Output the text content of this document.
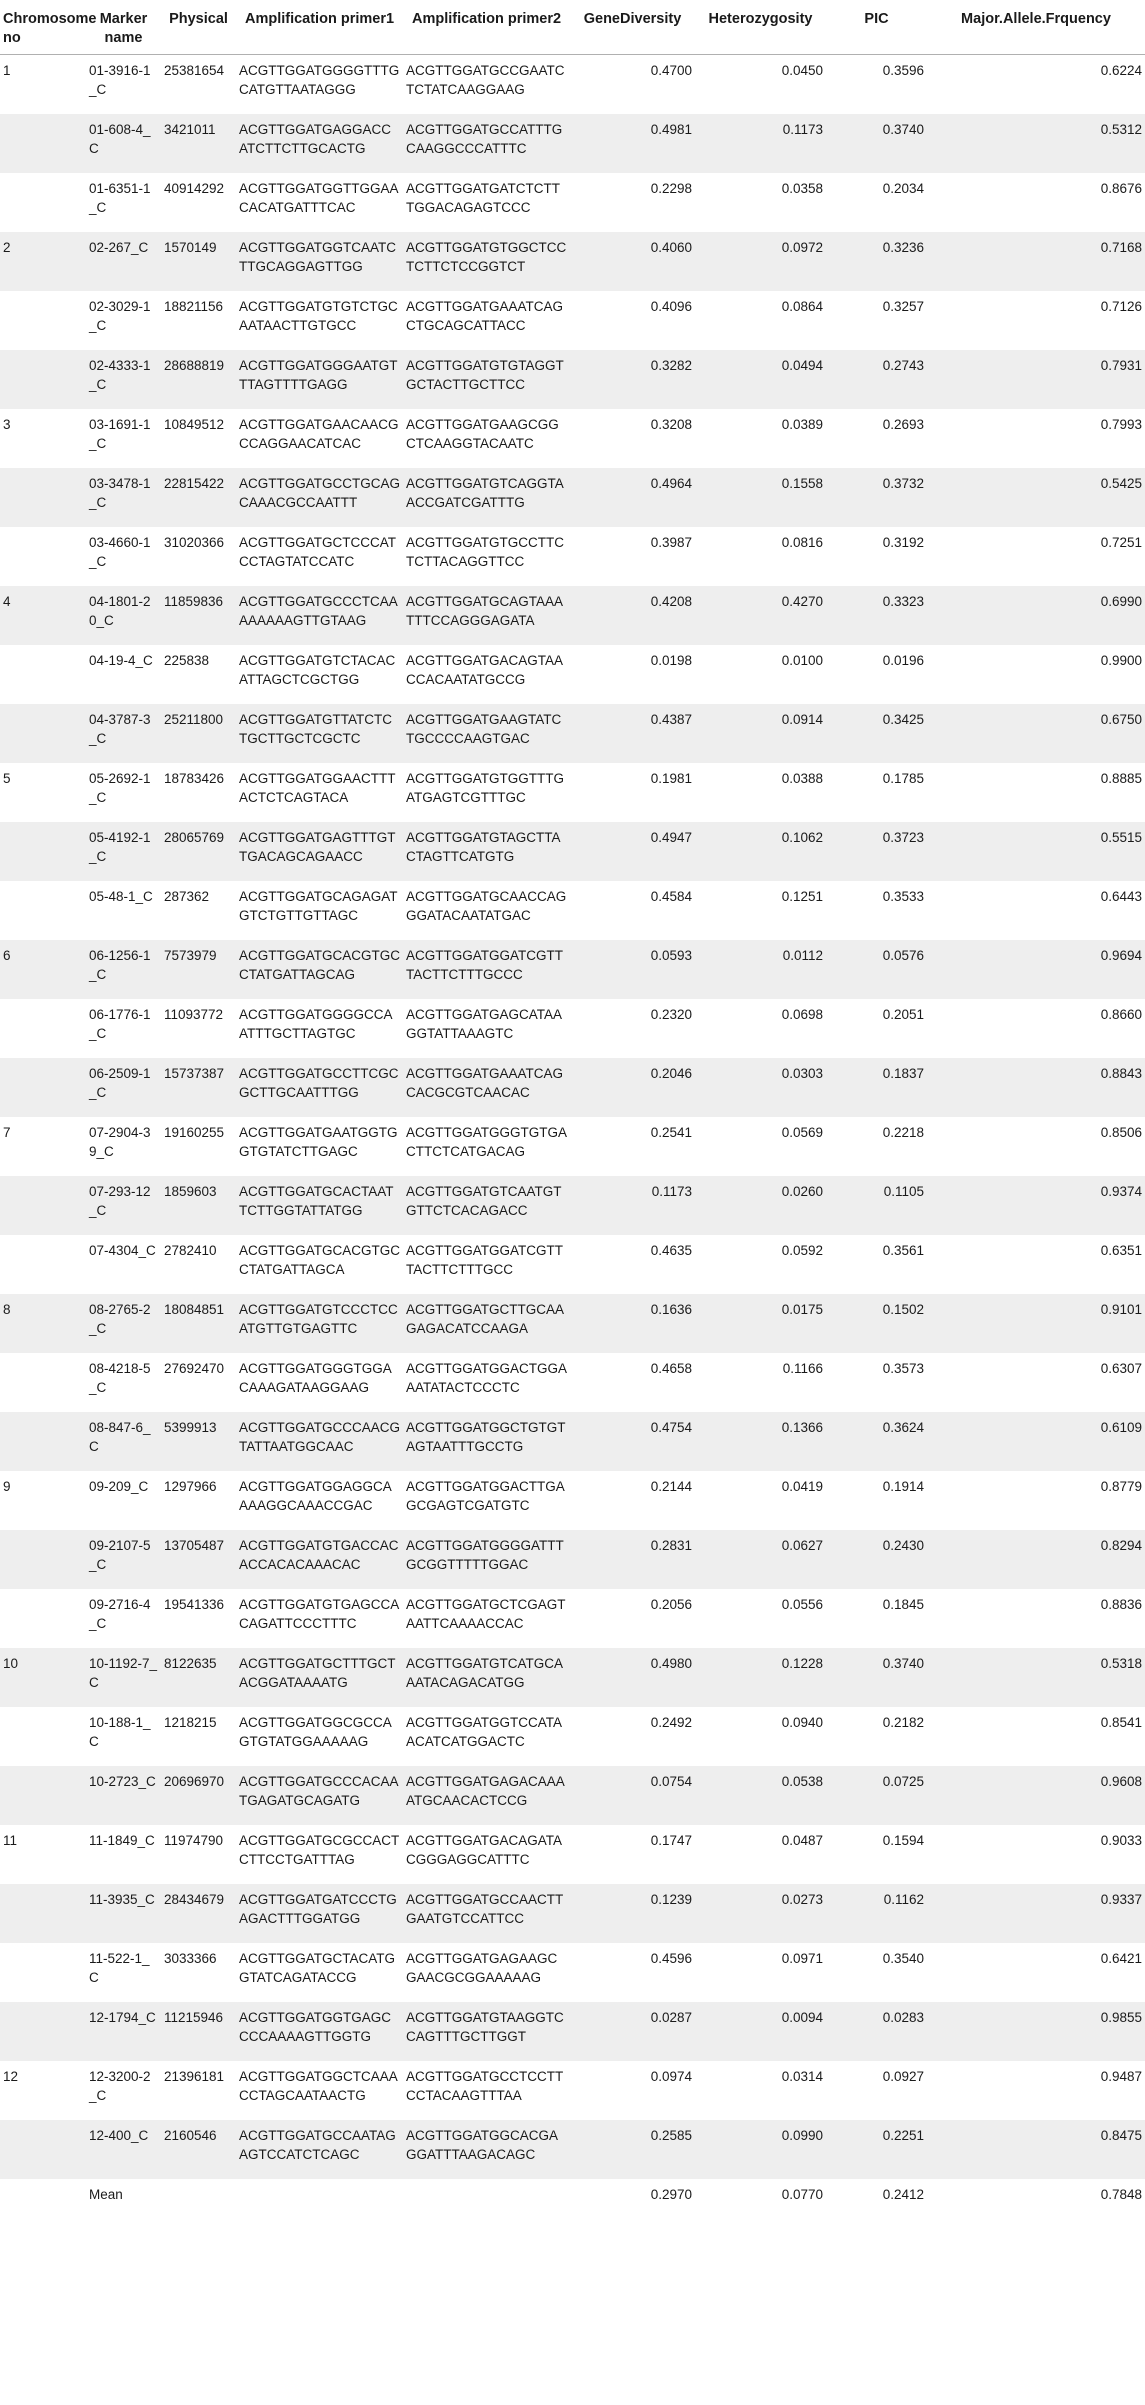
Chromosome no	Marker name	Physical	Amplification primer1	Amplification primer2	GeneDiversity	Heterozygosity	PIC	Major.Allele.Frquency
1	01-3916-1_C	25381654	ACGTTGGATGGGGTTTGCATGTTAATAGGG	ACGTTGGATGCCGAATCTCTATCAAGGAAG	0.4700	0.0450	0.3596	0.6224
	01-608-4_C	3421011	ACGTTGGATGAGGACCATCTTCTTGCACTG	ACGTTGGATGCCATTTGCAAGGCCCATTTC	0.4981	0.1173	0.3740	0.5312
	01-6351-1_C	40914292	ACGTTGGATGGTTGGAACACATGATTTCAC	ACGTTGGATGATCTCTTTGGACAGAGTCCC	0.2298	0.0358	0.2034	0.8676
2	02-267_C	1570149	ACGTTGGATGGTCAATCTTGCAGGAGTTGG	ACGTTGGATGTGGCTCCTCTTCTCCGGTCT	0.4060	0.0972	0.3236	0.7168
	02-3029-1_C	18821156	ACGTTGGATGTGTCTGCAATAACTTGTGCC	ACGTTGGATGAAATCAGCTGCAGCATTACC	0.4096	0.0864	0.3257	0.7126
	02-4333-1_C	28688819	ACGTTGGATGGGAATGTTTAGTTTTGAGG	ACGTTGGATGTGTAGGTGCTACTTGCTTCC	0.3282	0.0494	0.2743	0.7931
3	03-1691-1_C	10849512	ACGTTGGATGAACAACGCCAGGAACATCAC	ACGTTGGATGAAGCGGCTCAAGGTACAATC	0.3208	0.0389	0.2693	0.7993
	03-3478-1_C	22815422	ACGTTGGATGCCTGCAGCAAACGCCAATTT	ACGTTGGATGTCAGGTAACCGATCGATTTG	0.4964	0.1558	0.3732	0.5425
	03-4660-1_C	31020366	ACGTTGGATGCTCCCATCCTAGTATCCATC	ACGTTGGATGTGCCTTCTCTTACAGGTTCC	0.3987	0.0816	0.3192	0.7251
4	04-1801-20_C	11859836	ACGTTGGATGCCCTCAAAAAAAAGTTGTAAG	ACGTTGGATGCAGTAAATTTCCAGGGAGATA	0.4208	0.4270	0.3323	0.6990
	04-19-4_C	225838	ACGTTGGATGTCTACACATTAGCTCGCTGG	ACGTTGGATGACAGTAACCACAATATGCCG	0.0198	0.0100	0.0196	0.9900
	04-3787-3_C	25211800	ACGTTGGATGTTATCTCTGCTTGCTCGCTC	ACGTTGGATGAAGTATCTGCCCCAAGTGAC	0.4387	0.0914	0.3425	0.6750
5	05-2692-1_C	18783426	ACGTTGGATGGAACTTTACTCTCAGTACA	ACGTTGGATGTGGTTTGATGAGTCGTTTGC	0.1981	0.0388	0.1785	0.8885
	05-4192-1_C	28065769	ACGTTGGATGAGTTTGTTGACAGCAGAACC	ACGTTGGATGTAGCTTACTAGTTCATGTG	0.4947	0.1062	0.3723	0.5515
	05-48-1_C	287362	ACGTTGGATGCAGAGATGTCTGTTGTTAGC	ACGTTGGATGCAACCAGGGATACAATATGAC	0.4584	0.1251	0.3533	0.6443
6	06-1256-1_C	7573979	ACGTTGGATGCACGTGCCTATGATTAGCAG	ACGTTGGATGGATCGTTTACTTCTTTGCCC	0.0593	0.0112	0.0576	0.9694
	06-1776-1_C	11093772	ACGTTGGATGGGGCCAATTTGCTTAGTGC	ACGTTGGATGAGCATAAGGTATTAAAGTC	0.2320	0.0698	0.2051	0.8660
	06-2509-1_C	15737387	ACGTTGGATGCCTTCGCGCTTGCAATTTGG	ACGTTGGATGAAATCAGCACGCGTCAACAC	0.2046	0.0303	0.1837	0.8843
7	07-2904-39_C	19160255	ACGTTGGATGAATGGTGGTGTATCTTGAGC	ACGTTGGATGGGTGTGACTTCTCATGACAG	0.2541	0.0569	0.2218	0.8506
	07-293-12_C	1859603	ACGTTGGATGCACTAATTCTTGGTATTATGG	ACGTTGGATGTCAATGTGTTCTCACAGACC	0.1173	0.0260	0.1105	0.9374
	07-4304_C	2782410	ACGTTGGATGCACGTGCCTATGATTAGCA	ACGTTGGATGGATCGTTTACTTCTTTGCC	0.4635	0.0592	0.3561	0.6351
8	08-2765-2_C	18084851	ACGTTGGATGTCCCTCCATGTTGTGAGTTC	ACGTTGGATGCTTGCAAGAGACATCCAAGA	0.1636	0.0175	0.1502	0.9101
	08-4218-5_C	27692470	ACGTTGGATGGGTGGACAAAGATAAGGAAG	ACGTTGGATGGACTGGAAATATACTCCCTC	0.4658	0.1166	0.3573	0.6307
	08-847-6_C	5399913	ACGTTGGATGCCCAACGTATTAATGGCAAC	ACGTTGGATGGCTGTGTAGTAATTTGCCTG	0.4754	0.1366	0.3624	0.6109
9	09-209_C	1297966	ACGTTGGATGGAGGCAAAAGGCAAACCGAC	ACGTTGGATGGACTTGAGCGAGTCGATGTC	0.2144	0.0419	0.1914	0.8779
	09-2107-5_C	13705487	ACGTTGGATGTGACCACACCACACAAACAC	ACGTTGGATGGGGATTTGCGGTTTTTGGAC	0.2831	0.0627	0.2430	0.8294
	09-2716-4_C	19541336	ACGTTGGATGTGAGCCACAGATTCCCTTTC	ACGTTGGATGCTCGAGTAATTCAAAACCAC	0.2056	0.0556	0.1845	0.8836
10	10-1192-7_C	8122635	ACGTTGGATGCTTTGCTACGGATAAAATG	ACGTTGGATGTCATGCAAATACAGACATGG	0.4980	0.1228	0.3740	0.5318
	10-188-1_C	1218215	ACGTTGGATGGCGCCAGTGTATGGAAAAAG	ACGTTGGATGGTCCATAACATCATGGACTC	0.2492	0.0940	0.2182	0.8541
	10-2723_C	20696970	ACGTTGGATGCCCACAATGAGATGCAGATG	ACGTTGGATGAGACAAAATGCAACACTCCG	0.0754	0.0538	0.0725	0.9608
11	11-1849_C	11974790	ACGTTGGATGCGCCACTCTTCCTGATTTAG	ACGTTGGATGACAGATACGGGAGGCATTTC	0.1747	0.0487	0.1594	0.9033
	11-3935_C	28434679	ACGTTGGATGATCCCTGAGACTTTGGATGG	ACGTTGGATGCCAACTTGAATGTCCATTCC	0.1239	0.0273	0.1162	0.9337
	11-522-1_C	3033366	ACGTTGGATGCTACATGGTATCAGATACCG	ACGTTGGATGAGAAGCGAACGCGGAAAAAG	0.4596	0.0971	0.3540	0.6421
	12-1794_C	11215946	ACGTTGGATGGTGAGCCCCAAAAGTTGGTG	ACGTTGGATGTAAGGTCCAGTTTGCTTGGT	0.0287	0.0094	0.0283	0.9855
12	12-3200-2_C	21396181	ACGTTGGATGGCTCAAACCTAGCAATAACTG	ACGTTGGATGCCTCCTTCCTACAAGTTTAA	0.0974	0.0314	0.0927	0.9487
	12-400_C	2160546	ACGTTGGATGCCAATAGAGTCCATCTCAGC	ACGTTGGATGGCACGAGGATTTAAGACAGC	0.2585	0.0990	0.2251	0.8475
	Mean				0.2970	0.0770	0.2412	0.7848
